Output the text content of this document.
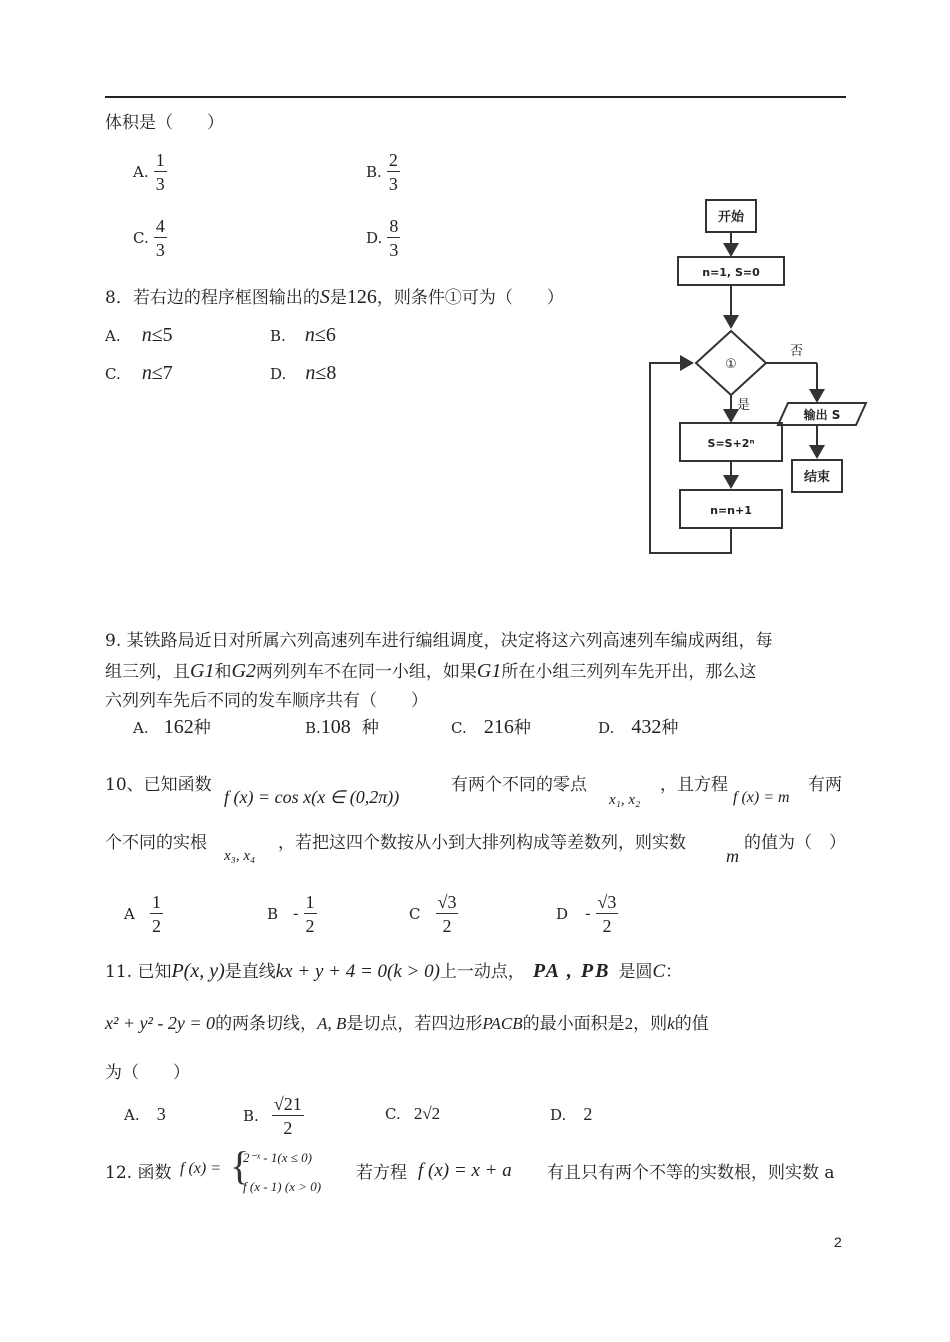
体积是（　　）
A. $\frac{1}{3}$	B. $\frac{2}{3}$
C. $\frac{4}{3}$	D. $\frac{8}{3}$
8．若右边的程序框图输出的S是126，则条件①可为（　　）
A. n≤5	B. n≤6
C. n≤7	D. n≤8
开始
n=1, S=0
①
否
是
输出 S
结束
S=S+2ⁿ
n=n+1
9. 某铁路局近日对所属六列高速列车进行编组调度，决定将这六列高速列车编成两组，每
组三列，且G1和G2两列列车不在同一小组，如果G1所在小组三列列车先开出，那么这
六列列车先后不同的发车顺序共有（　　）
A. 162种	B.108 种	C. 216种	D. 432种
10、已知函数
f (x) = cos x(x ∈ (0,2π))
有两个不同的零点
x₁, x₂
，且方程
f (x) = m
有两
个不同的实根
x₃, x₄
，若把这四个数按从小到大排列构成等差数列，则实数
m
的值为（　）
A $\frac{1}{2}$	B - $\frac{1}{2}$	C $\frac{√3}{2}$	D - $\frac{√3}{2}$
11. 已知P(x, y)是直线kx + y + 4 = 0(k > 0)上一动点， PA , PB 是圆C：
x² + y² - 2y = 0的两条切线，A, B是切点，若四边形PACB的最小面积是2，则k的值
为（　　）
A. 3	B. $\frac{√21}{2}$	C. 2√2	D. 2
12. 函数 f (x) = {
2⁻ˣ - 1(x ≤ 0)
f (x - 1) (x > 0)
若方程 f (x) = x + a 有且只有两个不等的实数根，则实数 a
2
